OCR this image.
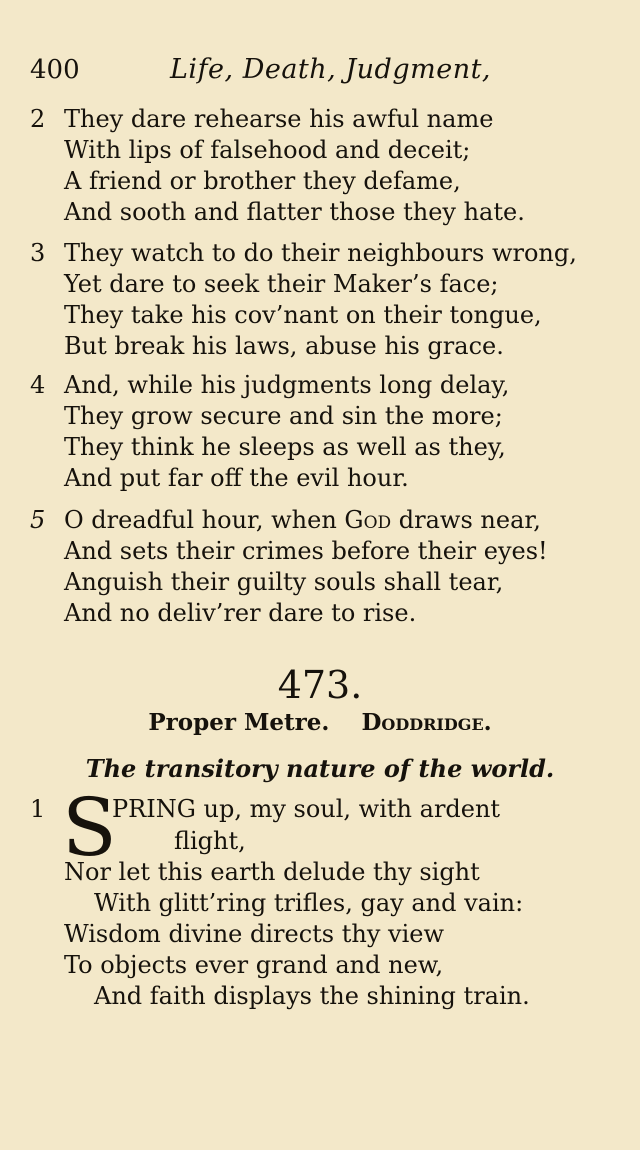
400	Life, Death, Judgment,
2 They dare rehearse his awful name
With lips of falsehood and deceit;
A friend or brother they defame,
And sooth and flatter those they hate.
3 They watch to do their neighbours wrong,
Yet dare to seek their Maker’s face;
They take his cov’nant on their tongue,
But break his laws, abuse his grace.
4 And, while his judgments long delay,
They grow secure and sin the more;
They think he sleeps as well as they,
And put far off the evil hour.
5 O dreadful hour, when God draws near,
And sets their crimes before their eyes!
Anguish their guilty souls shall tear,
And no deliv’rer dare to rise.
473.
Proper Metre. Doddridge.
The transitory nature of the world.
1 S
PRING up, my soul, with ardent
flight,
Nor let this earth delude thy sight
With glitt’ring trifles, gay and vain:
Wisdom divine directs thy view
To objects ever grand and new,
And faith displays the shining train.
